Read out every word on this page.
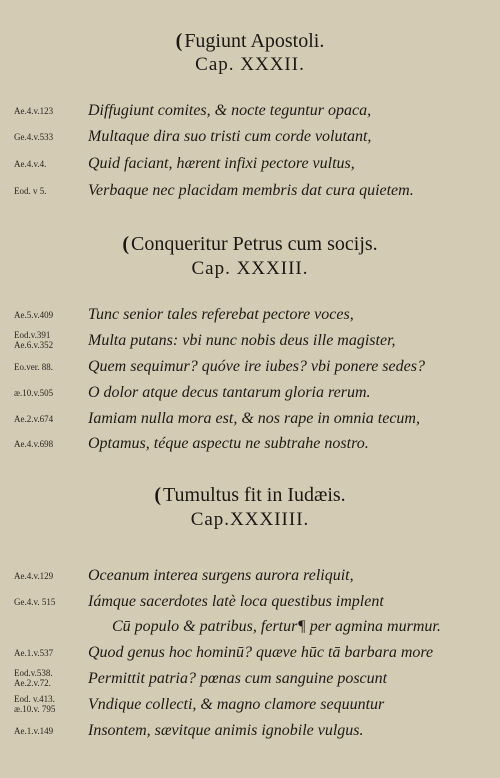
( Fugiunt Apostoli.
Cap. XXXII.
Ae.4.v.123	Diffugiunt comites, & nocte teguntur opaca,
Ge.4.v.533	Multaque dira suo tristi cum corde volutant,
Ae.4.v.4.	Quid faciant, hærent infixi pectore vultus,
Eod. v 5.	Verbaque nec placidam membris dat cura quietem.
( Conqueritur Petrus cum socijs.
Cap. XXXIII.
Ae.5.v.409	Tunc senior tales referebat pectore voces,
Eod.v.391
Ae.6.v.352	Multa putans: vbi nunc nobis deus ille magister,
Eo.ver. 88.	Quem sequimur? quóve ire iubes? vbi ponere sedes?
æ.10.v.505	O dolor atque decus tantarum gloria rerum.
Ae.2.v.674	Iamiam nulla mora est, & nos rape in omnia tecum,
Ae.4.v.698	Optamus, téque aspectu ne subtrahe nostro.
( Tumultus fit in Iudæis.
Cap.XXXIIII.
Ae.4.v.129	Oceanum interea surgens aurora reliquit,
Ge.4.v. 515	Iámque sacerdotes latè loca questibus implent
Cū populo & patribus, fertur¶ per agmina murmur.
Ae.1.v.537	Quod genus hoc hominū? quæve hūc tā barbara more
Eod.v.538.
Ae.2.v.72.	Permittit patria? pœnas cum sanguine poscunt
Eod. v.413.
æ.10.v. 795	Vndique collecti, & magno clamore sequuntur
Ae.1.v.149	Insontem, sævitque animis ignobile vulgus.
